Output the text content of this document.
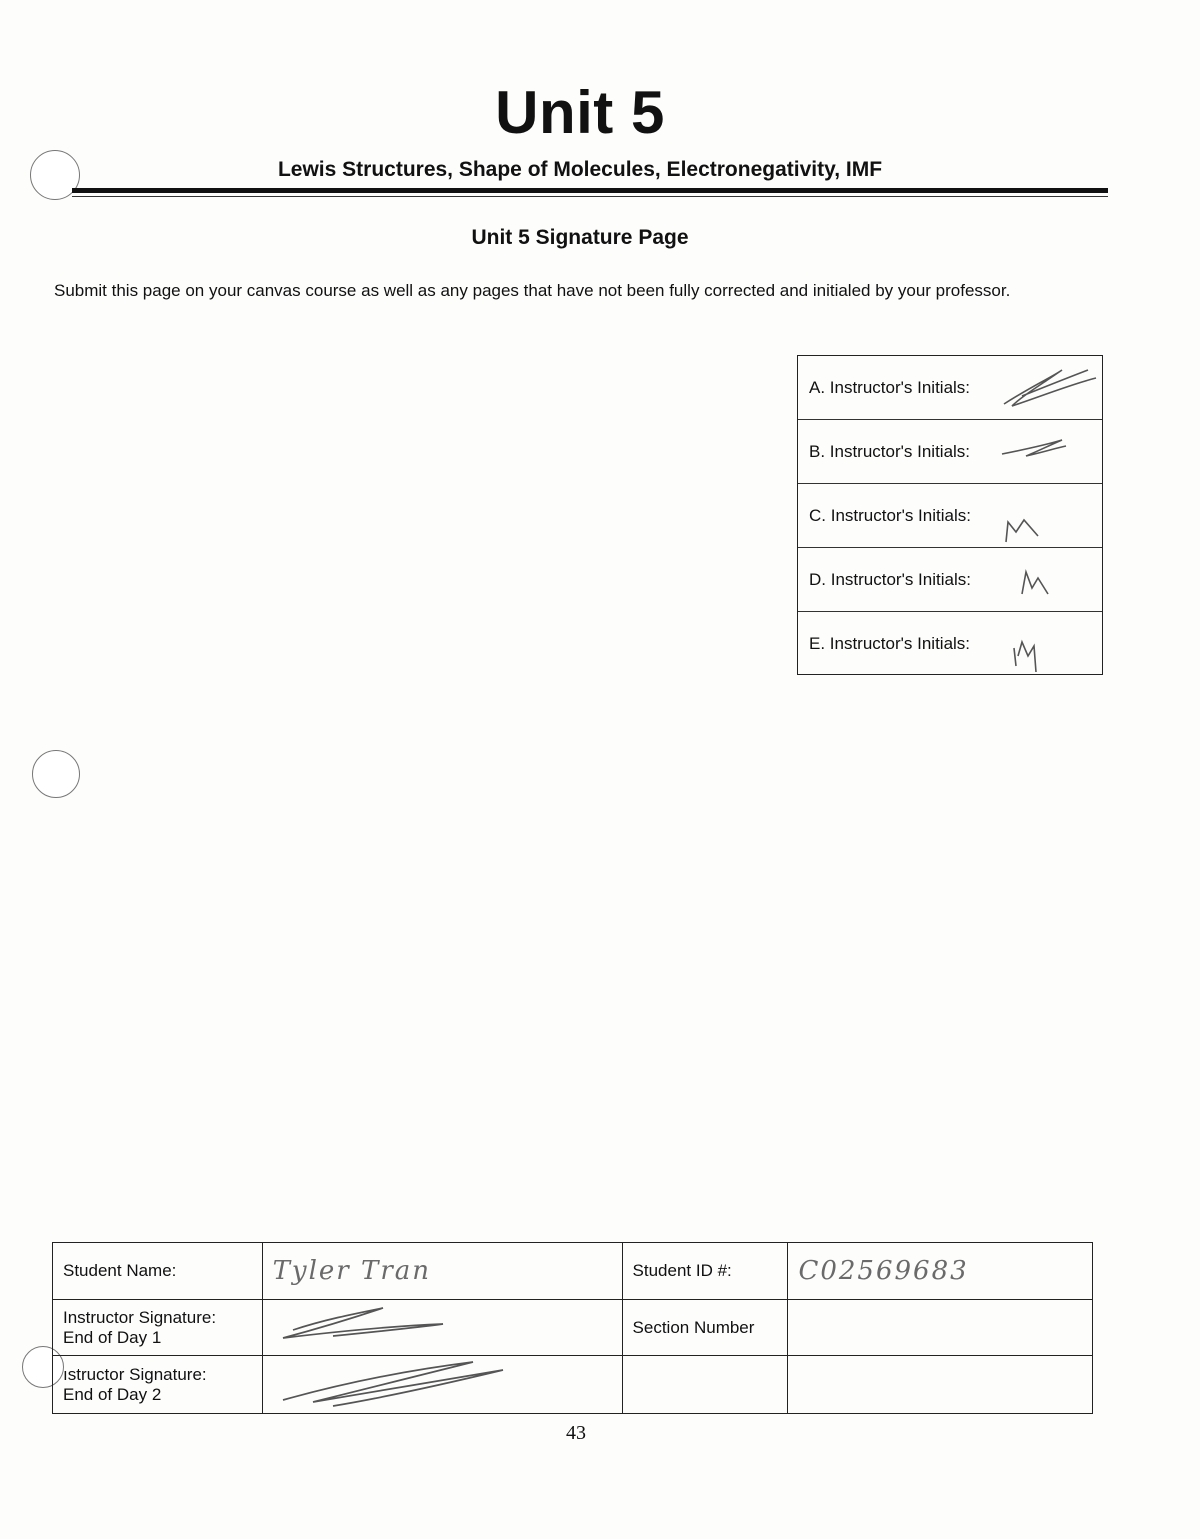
Unit 5
Lewis Structures, Shape of Molecules, Electronegativity, IMF
Unit 5 Signature Page
Submit this page on your canvas course as well as any pages that have not been fully corrected and initialed by your professor.
A. Instructor's Initials:
B. Instructor's Initials:
C. Instructor's Initials:
D. Instructor's Initials:
E. Instructor's Initials:
Student Name:	Tyler Tran	Student ID #:	C02569683

Instructor Signature:
End of Day 1		Section Number	

ıstructor Signature:
End of Day 2

43
